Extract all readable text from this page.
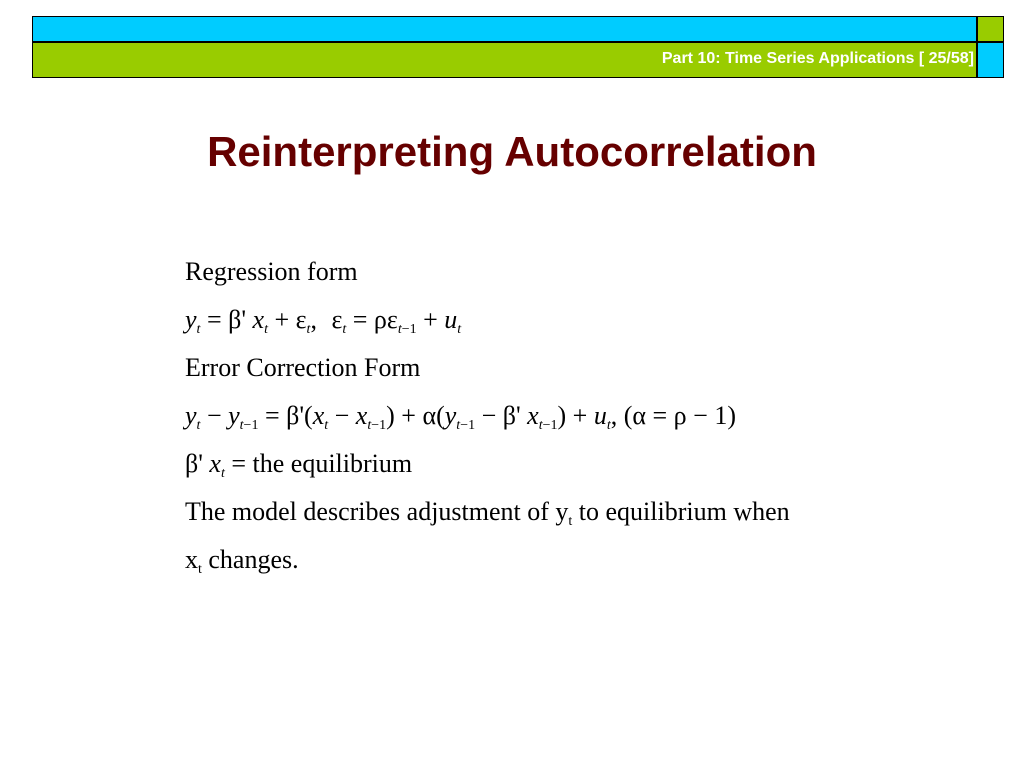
Part 10: Time Series Applications [ 25/58]
Reinterpreting Autocorrelation
Regression form
$y_t = \beta'$ $x_t + \varepsilon_t$, $\varepsilon_t = \rho\varepsilon_{t-1} + u_t$
Error Correction Form
$y_t - y_{t-1} = \beta'(x_t - x_{t-1}) + \alpha(y_{t-1} - \beta'$ $x_{t-1}) + u_t$, (α = ρ − 1)
β' $x_t$ = the equilibrium
The model describes adjustment of $y_t$ to equilibrium when
$x_t$ changes.
